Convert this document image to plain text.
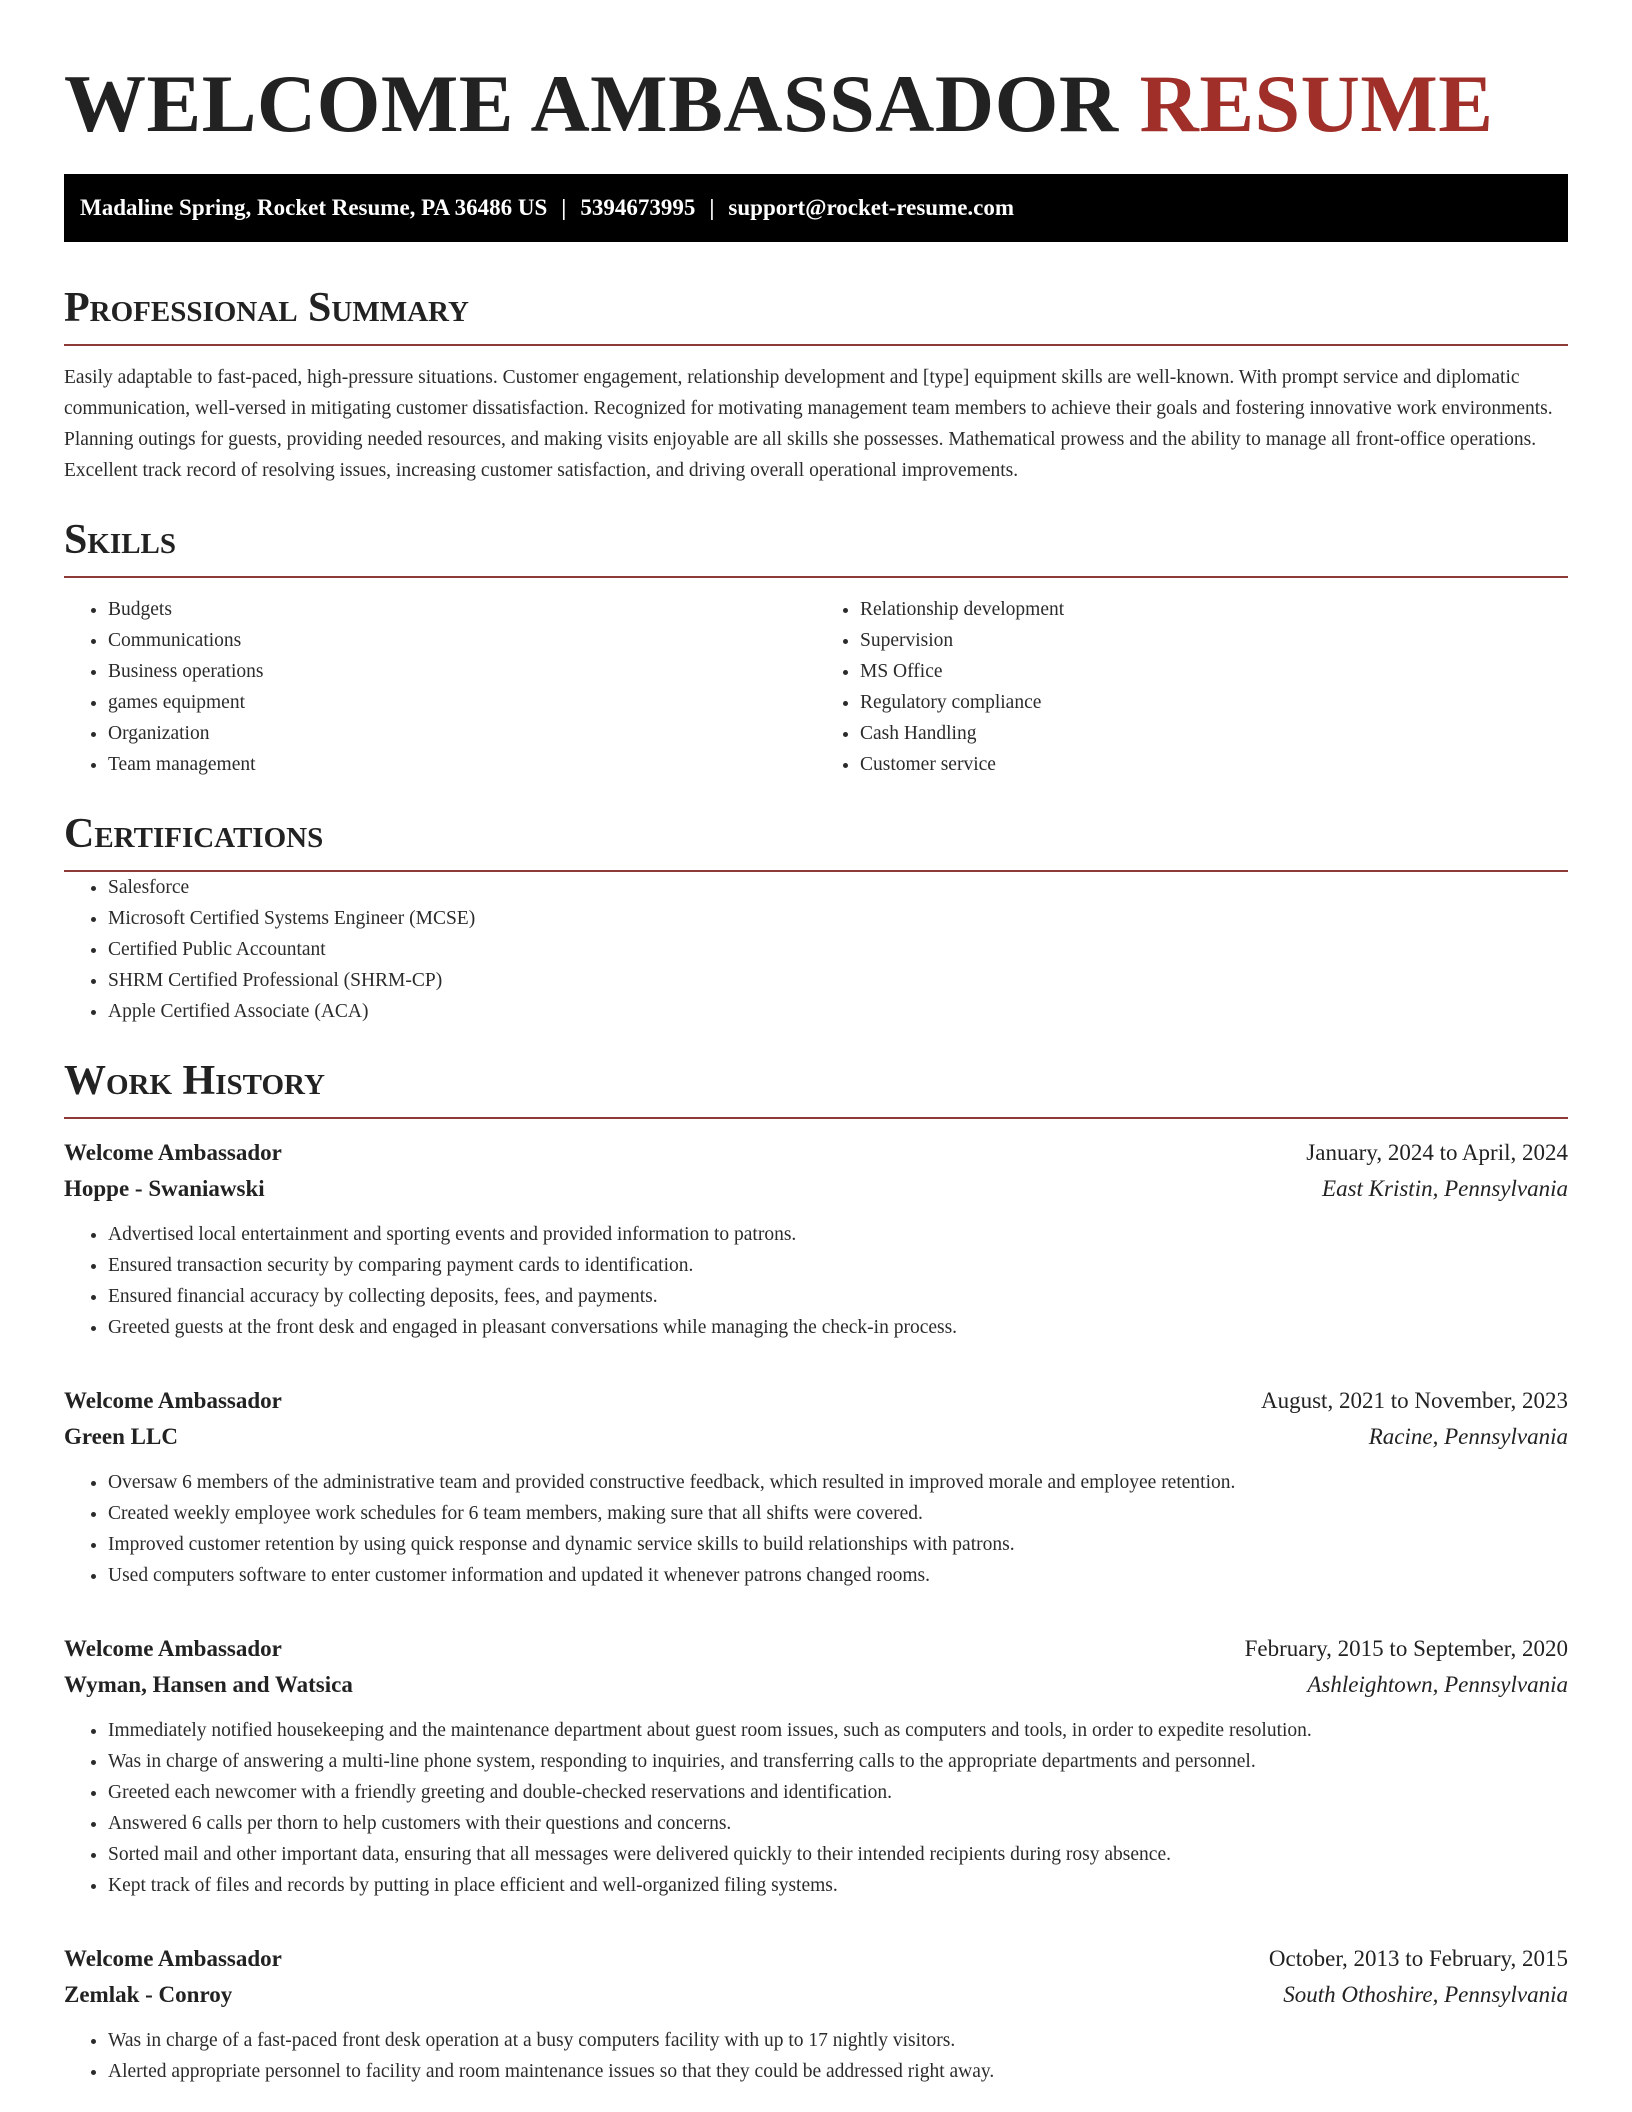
WELCOME AMBASSADOR RESUME
Madaline Spring, Rocket Resume, PA 36486 US | 5394673995 | support@rocket-resume.com
Professional Summary

Easily adaptable to fast-paced, high-pressure situations. Customer engagement, relationship development and [type] equipment skills are well-known. With prompt service and diplomatic communication, well-versed in mitigating customer dissatisfaction. Recognized for motivating management team members to achieve their goals and fostering innovative work environments. Planning outings for guests, providing needed resources, and making visits enjoyable are all skills she possesses. Mathematical prowess and the ability to manage all front-office operations. Excellent track record of resolving issues, increasing customer satisfaction, and driving overall operational improvements.

Skills
• Budgets
• Communications
• Business operations
• games equipment
• Organization
• Team management
• Relationship development
• Supervision
• MS Office
• Regulatory compliance
• Cash Handling
• Customer service
Certifications
• Salesforce
• Microsoft Certified Systems Engineer (MCSE)
• Certified Public Accountant
• SHRM Certified Professional (SHRM-CP)
• Apple Certified Associate (ACA)
Work History
Welcome Ambassador	January, 2024 to April, 2024
Hoppe - Swaniawski	East Kristin, Pennsylvania
• Advertised local entertainment and sporting events and provided information to patrons.
• Ensured transaction security by comparing payment cards to identification.
• Ensured financial accuracy by collecting deposits, fees, and payments.
• Greeted guests at the front desk and engaged in pleasant conversations while managing the check-in process.
Welcome Ambassador	August, 2021 to November, 2023
Green LLC	Racine, Pennsylvania
• Oversaw 6 members of the administrative team and provided constructive feedback, which resulted in improved morale and employee retention.
• Created weekly employee work schedules for 6 team members, making sure that all shifts were covered.
• Improved customer retention by using quick response and dynamic service skills to build relationships with patrons.
• Used computers software to enter customer information and updated it whenever patrons changed rooms.
Welcome Ambassador	February, 2015 to September, 2020
Wyman, Hansen and Watsica	Ashleightown, Pennsylvania
• Immediately notified housekeeping and the maintenance department about guest room issues, such as computers and tools, in order to expedite resolution.
• Was in charge of answering a multi-line phone system, responding to inquiries, and transferring calls to the appropriate departments and personnel.
• Greeted each newcomer with a friendly greeting and double-checked reservations and identification.
• Answered 6 calls per thorn to help customers with their questions and concerns.
• Sorted mail and other important data, ensuring that all messages were delivered quickly to their intended recipients during rosy absence.
• Kept track of files and records by putting in place efficient and well-organized filing systems.
Welcome Ambassador	October, 2013 to February, 2015
Zemlak - Conroy	South Othoshire, Pennsylvania
• Was in charge of a fast-paced front desk operation at a busy computers facility with up to 17 nightly visitors.
• Alerted appropriate personnel to facility and room maintenance issues so that they could be addressed right away.
